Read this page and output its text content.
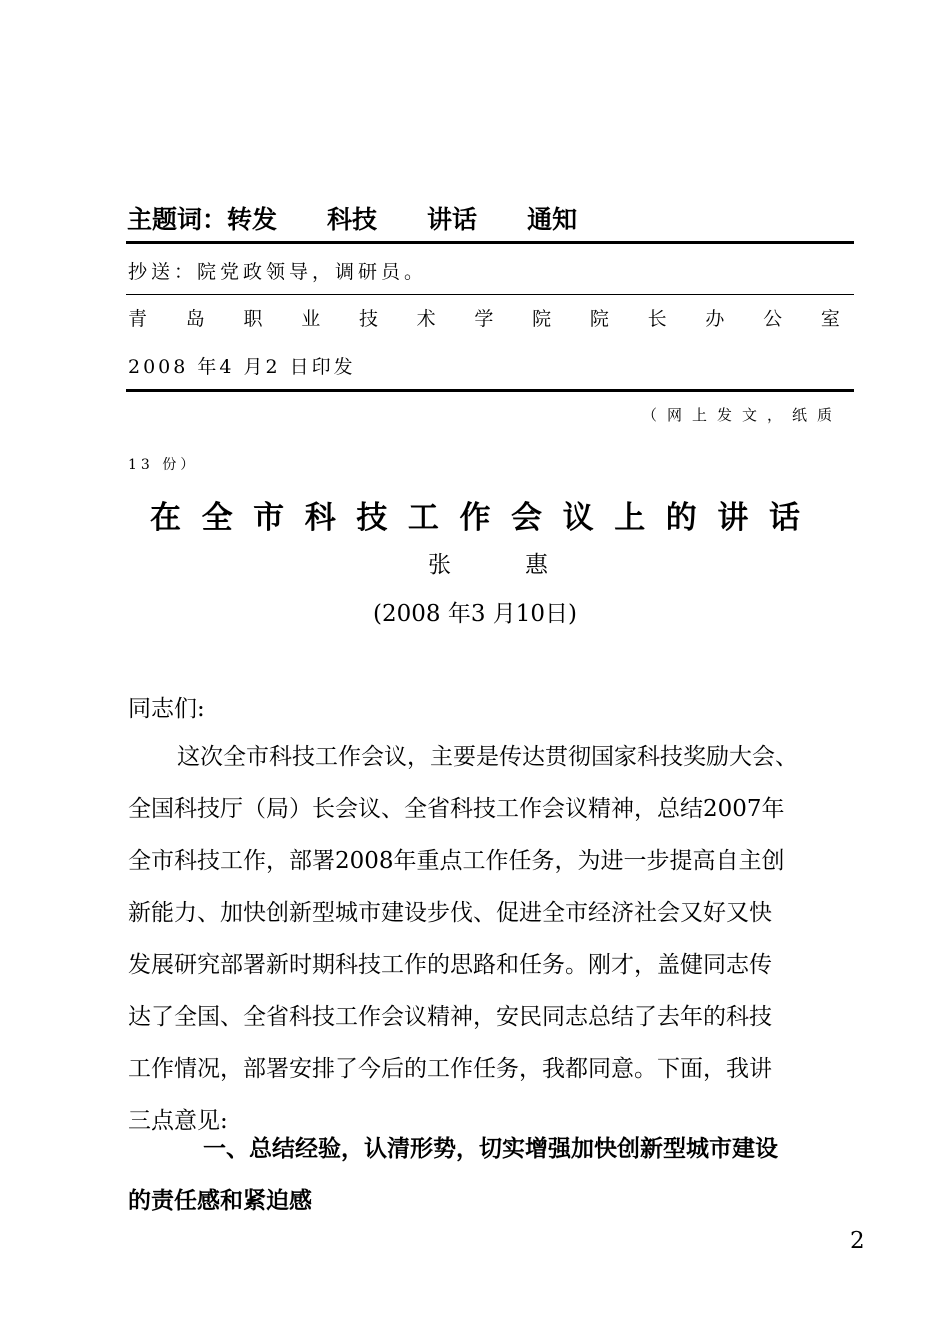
主题词：转发 科技 讲话 通知
抄送：院党政领导，调研员。
青 岛 职 业 技 术 学 院 院 长 办 公 室
2008 年4 月2 日印发
（网上发文，纸质
13 份）
在 全 市 科 技 工 作 会 议 上 的 讲 话
张	惠
(2008 年3 月10日)
同志们:
这次全市科技工作会议，主要是传达贯彻国家科技奖励大会、
全国科技厅（局）长会议、全省科技工作会议精神，总结2007年
全市科技工作，部署2008年重点工作任务，为进一步提高自主创
新能力、加快创新型城市建设步伐、促进全市经济社会又好又快
发展研究部署新时期科技工作的思路和任务。刚才，盖健同志传
达了全国、全省科技工作会议精神，安民同志总结了去年的科技
工作情况，部署安排了今后的工作任务，我都同意。下面，我讲
三点意见:
一、总结经验，认清形势，切实增强加快创新型城市建设
的责任感和紧迫感
2
